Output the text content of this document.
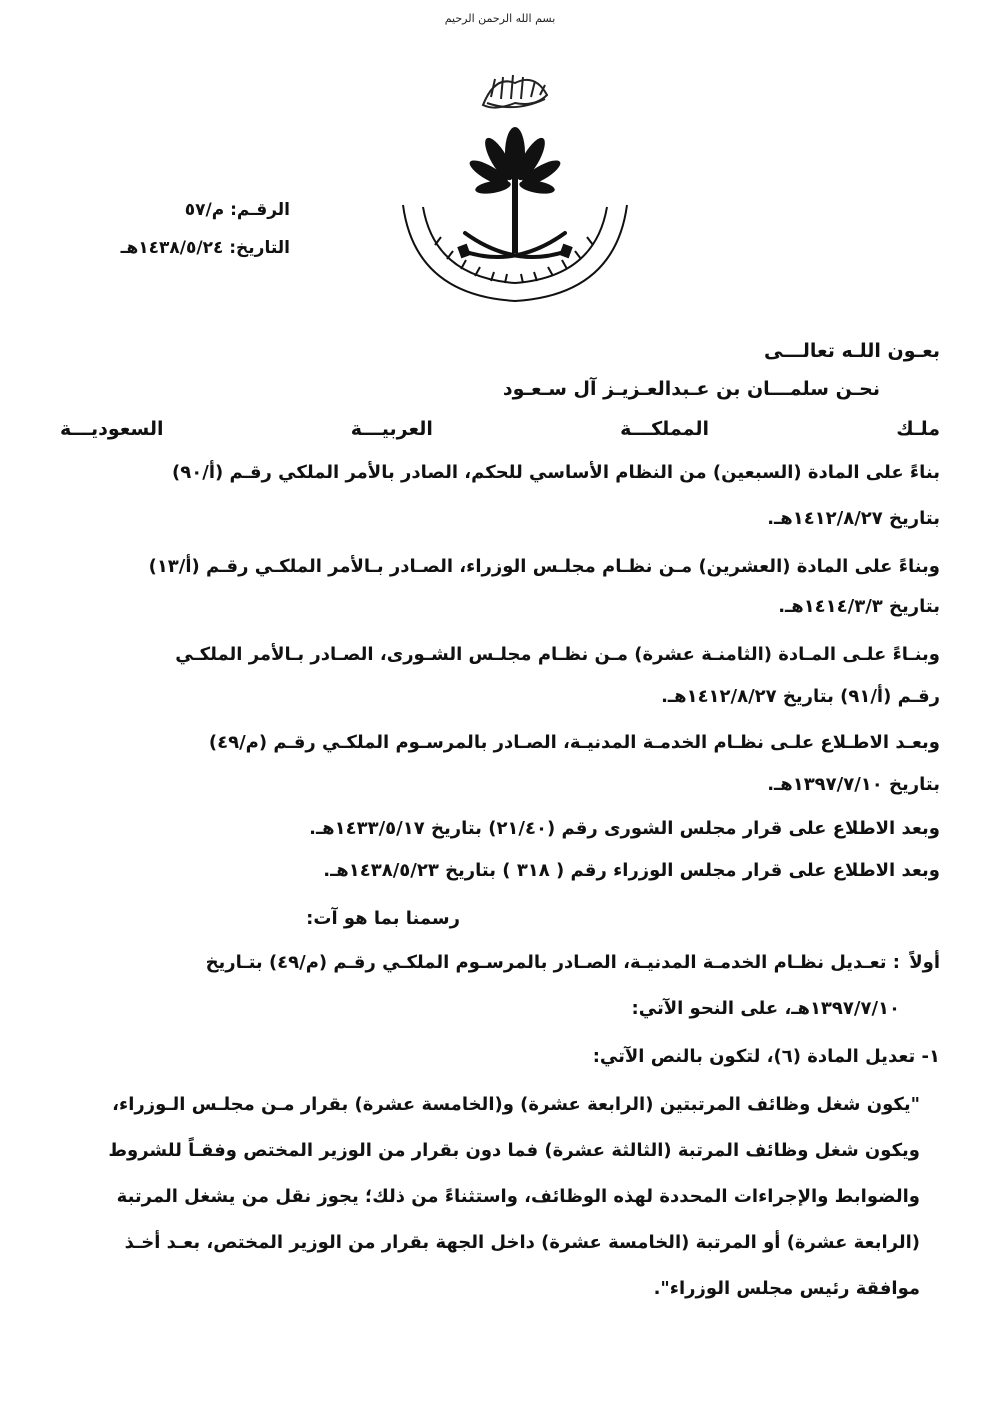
بسم الله الرحمن الرحيم
الرقـم: م/٥٧
التاريخ: ١٤٣٨/٥/٢٤هـ
بعـون اللـه تعالـــى
نحـن سلمـــان بن عـبدالعـزيـز آل سـعـود
ملـك المملكـــة العربيـــة السعوديـــة
بناءً على المادة (السبعين) من النظام الأساسي للحكم، الصادر بالأمر الملكي رقـم (أ/٩٠)
بتاريخ ١٤١٢/٨/٢٧هـ.
وبناءً على المادة (العشرين) مـن نظـام مجلـس الوزراء، الصـادر بـالأمر الملكـي رقـم (أ/١٣)
بتاريخ ١٤١٤/٣/٣هـ.
وبنـاءً علـى المـادة (الثامنـة عشرة) مـن نظـام مجلـس الشـورى، الصـادر بـالأمر الملكـي
رقـم (أ/٩١) بتاريخ ١٤١٢/٨/٢٧هـ.
وبعـد الاطـلاع علـى نظـام الخدمـة المدنيـة، الصـادر بالمرسـوم الملكـي رقـم (م/٤٩)
بتاريخ ١٣٩٧/٧/١٠هـ.
وبعد الاطلاع على قرار مجلس الشورى رقم (٢١/٤٠) بتاريخ ١٤٣٣/٥/١٧هـ.
وبعد الاطلاع على قرار مجلس الوزراء رقم ( ٣١٨ ) بتاريخ ١٤٣٨/٥/٢٣هـ.
رسمنا بما هو آت:
أولاً
: تعـديل نظـام الخدمـة المدنيـة، الصـادر بالمرسـوم الملكـي رقـم (م/٤٩) بتـاريخ
١٣٩٧/٧/١٠هـ، على النحو الآتي:
١- تعديل المادة (٦)، لتكون بالنص الآتي:
"يكون شغل وظائف المرتبتين (الرابعة عشرة) و(الخامسة عشرة) بقرار مـن مجلـس الـوزراء،
ويكون شغل وظائف المرتبة (الثالثة عشرة) فما دون بقرار من الوزير المختص وفقـاً للشروط
والضوابط والإجراءات المحددة لهذه الوظائف، واستثناءً من ذلك؛ يجوز نقل من يشغل المرتبة
(الرابعة عشرة) أو المرتبة (الخامسة عشرة) داخل الجهة بقرار من الوزير المختص، بعـد أخـذ
موافقة رئيس مجلس الوزراء".
